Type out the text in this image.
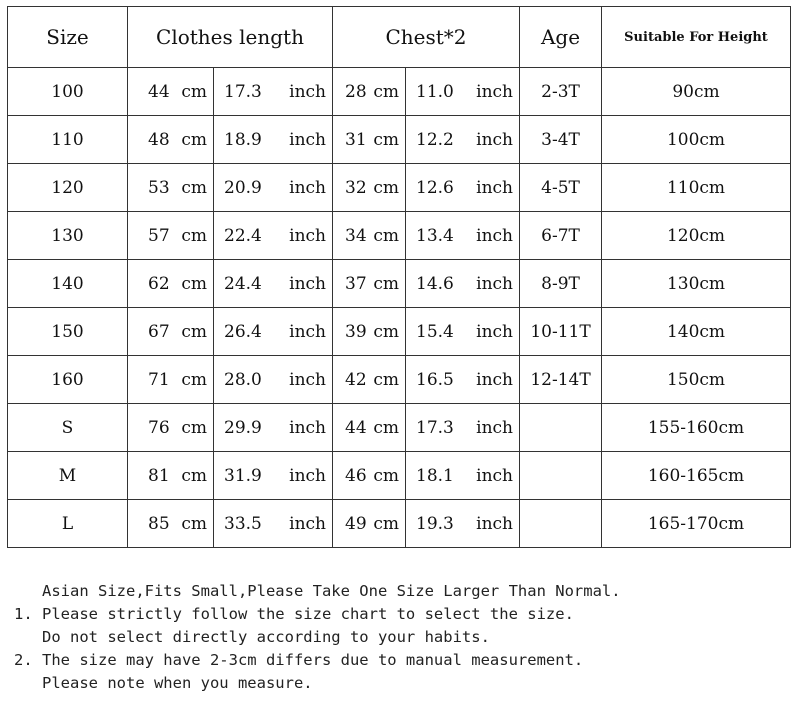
Size	Clothes length		Chest*2		Age	Suitable For Height
100	44 cm	17.3 inch	28 cm	11.0 inch	2-3T	90cm
110	48 cm	18.9 inch	31 cm	12.2 inch	3-4T	100cm
120	53 cm	20.9 inch	32 cm	12.6 inch	4-5T	110cm
130	57 cm	22.4 inch	34 cm	13.4 inch	6-7T	120cm
140	62 cm	24.4 inch	37 cm	14.6 inch	8-9T	130cm
150	67 cm	26.4 inch	39 cm	15.4 inch	10-11T	140cm
160	71 cm	28.0 inch	42 cm	16.5 inch	12-14T	150cm
S	76 cm	29.9 inch	44 cm	17.3 inch		155-160cm
M	81 cm	31.9 inch	46 cm	18.1 inch		160-165cm
L	85 cm	33.5 inch	49 cm	19.3 inch		165-170cm
Asian Size,Fits Small,Please Take One Size Larger Than Normal.
1. Please strictly follow the size chart to select the size.
Do not select directly according to your habits.
2. The size may have 2-3cm differs due to manual measurement.
Please note when you measure.
